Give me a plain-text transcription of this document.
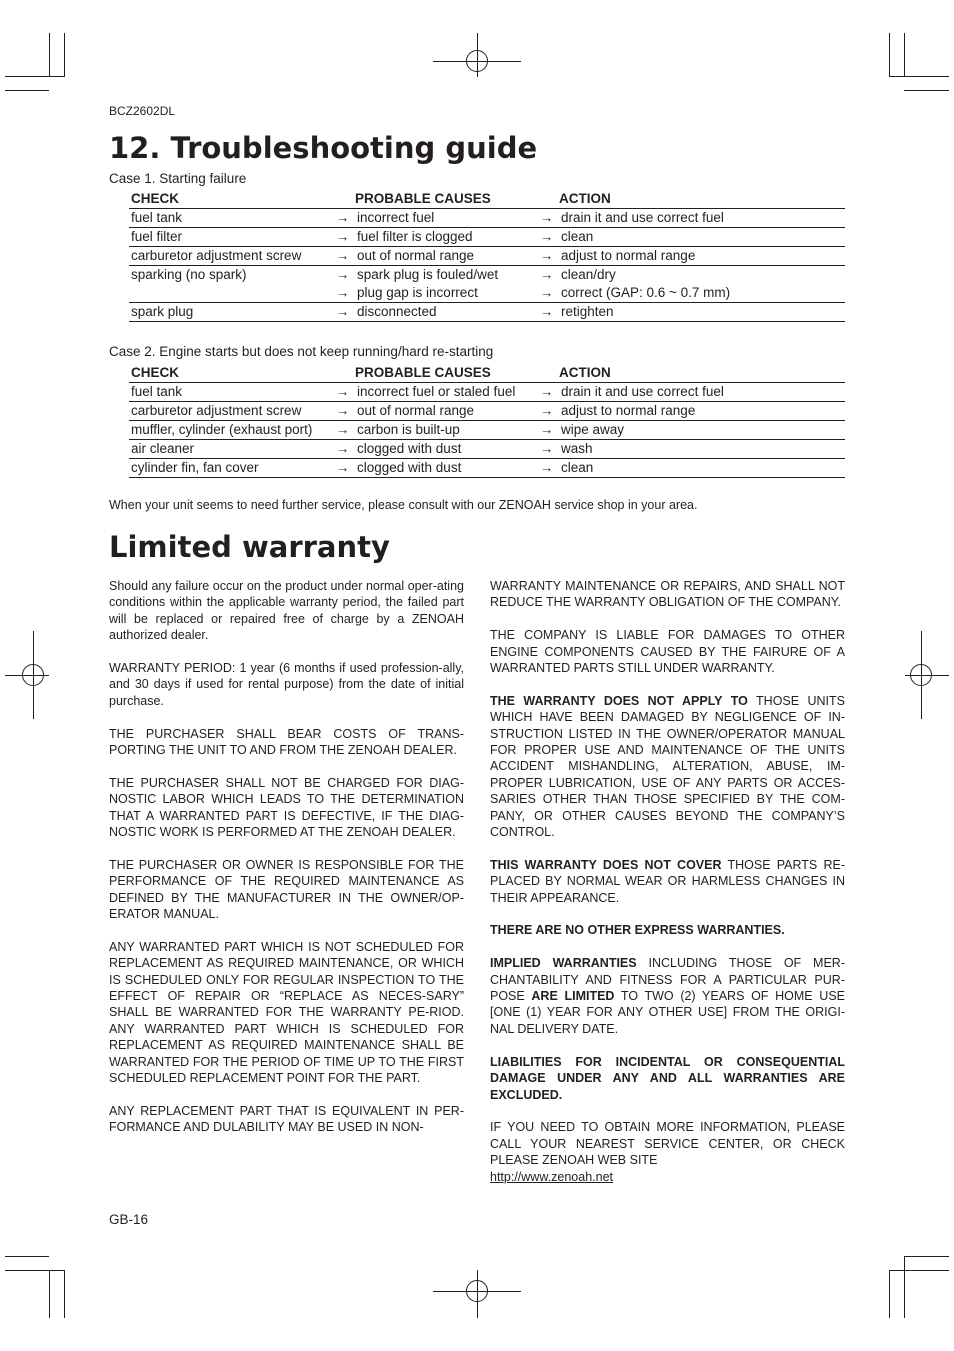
BCZ2602DL
12. Troubleshooting guide
Case 1. Starting failure
CHECK		PROBABLE CAUSES		ACTION
fuel tank	→	incorrect fuel	→	drain it and use correct fuel
fuel filter	→	fuel filter is clogged	→	clean
carburetor adjustment screw	→	out of normal range	→	adjust to normal range
sparking (no spark)	→	spark plug is fouled/wet	→	clean/dry
	→	plug gap is incorrect	→	correct (GAP: 0.6 ~ 0.7 mm)
spark plug	→	disconnected	→	retighten
Case 2. Engine starts but does not keep running/hard re-starting
CHECK		PROBABLE CAUSES		ACTION
fuel tank	→	incorrect fuel or staled fuel	→	drain it and use correct fuel
carburetor adjustment screw	→	out of normal range	→	adjust to normal range
muffler, cylinder (exhaust port)	→	carbon is built-up	→	wipe away
air cleaner	→	clogged with dust	→	wash
cylinder fin, fan cover	→	clogged with dust	→	clean
When your unit seems to need further service, please consult with our ZENOAH service shop in your area.
Limited warranty

Should any failure occur on the product under normal oper-ating conditions within the applicable warranty period, the failed part will be replaced or repaired free of charge by a ZENOAH authorized dealer.

WARRANTY PERIOD: 1 year (6 months if used profession-ally, and 30 days if used for rental purpose) from the date of initial purchase.

THE PURCHASER SHALL BEAR COSTS OF TRANS-PORTING THE UNIT TO AND FROM THE ZENOAH DEALER.

THE PURCHASER SHALL NOT BE CHARGED FOR DIAG-NOSTIC LABOR WHICH LEADS TO THE DETERMINATION THAT A WARRANTED PART IS DEFECTIVE, IF THE DIAG-NOSTIC WORK IS PERFORMED AT THE ZENOAH DEALER.

THE PURCHASER OR OWNER IS RESPONSIBLE FOR THE PERFORMANCE OF THE REQUIRED MAINTENANCE AS DEFINED BY THE MANUFACTURER IN THE OWNER/OP-ERATOR MANUAL.

ANY WARRANTED PART WHICH IS NOT SCHEDULED FOR REPLACEMENT AS REQUIRED MAINTENANCE, OR WHICH IS SCHEDULED ONLY FOR REGULAR INSPECTION TO THE EFFECT OF REPAIR OR “REPLACE AS NECES-SARY” SHALL BE WARRANTED FOR THE WARRANTY PE-RIOD. ANY WARRANTED PART WHICH IS SCHEDULED FOR REPLACEMENT AS REQUIRED MAINTENANCE SHALL BE WARRANTED FOR THE PERIOD OF TIME UP TO THE FIRST SCHEDULED REPLACEMENT POINT FOR THE PART.

ANY REPLACEMENT PART THAT IS EQUIVALENT IN PER-FORMANCE AND DULABILITY MAY BE USED IN NON-

WARRANTY MAINTENANCE OR REPAIRS, AND SHALL NOT REDUCE THE WARRANTY OBLIGATION OF THE COMPANY.

THE COMPANY IS LIABLE FOR DAMAGES TO OTHER ENGINE COMPONENTS CAUSED BY THE FAIRURE OF A WARRANTED PARTS STILL UNDER WARRANTY.

THE WARRANTY DOES NOT APPLY TO THOSE UNITS WHICH HAVE BEEN DAMAGED BY NEGLIGENCE OF IN-STRUCTION LISTED IN THE OWNER/OPERATOR MANUAL FOR PROPER USE AND MAINTENANCE OF THE UNITS ACCIDENT MISHANDLING, ALTERATION, ABUSE, IM-PROPER LUBRICATION, USE OF ANY PARTS OR ACCES-SARIES OTHER THAN THOSE SPECIFIED BY THE COM-PANY, OR OTHER CAUSES BEYOND THE COMPANY’S CONTROL.

THIS WARRANTY DOES NOT COVER THOSE PARTS RE-PLACED BY NORMAL WEAR OR HARMLESS CHANGES IN THEIR APPEARANCE.

THERE ARE NO OTHER EXPRESS WARRANTIES.

IMPLIED WARRANTIES INCLUDING THOSE OF MER-CHANTABILITY AND FITNESS FOR A PARTICULAR PUR-POSE ARE LIMITED TO TWO (2) YEARS OF HOME USE [ONE (1) YEAR FOR ANY OTHER USE] FROM THE ORIGI-NAL DELIVERY DATE.

LIABILITIES FOR INCIDENTAL OR CONSEQUENTIAL DAMAGE UNDER ANY AND ALL WARRANTIES ARE EXCLUDED.

IF YOU NEED TO OBTAIN MORE INFORMATION, PLEASE CALL YOUR NEAREST SERVICE CENTER, OR CHECK PLEASE ZENOAH WEB SITE

http://www.zenoah.net
GB-16
